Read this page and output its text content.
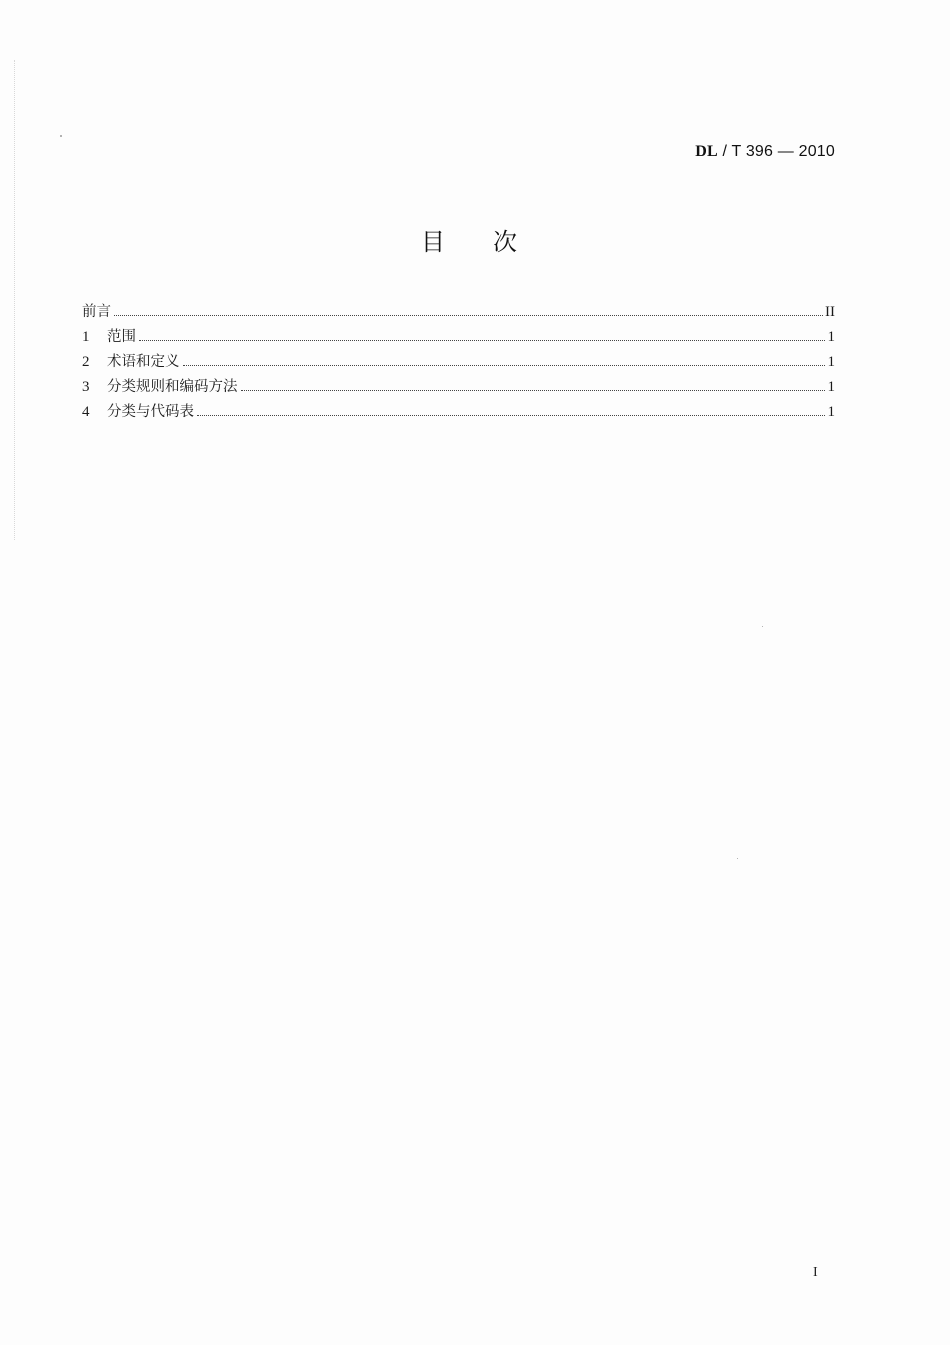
DL / T 396 — 2010
目次
前言	II
1	范围	1
2	术语和定义	1
3	分类规则和编码方法	1
4	分类与代码表	1
I
